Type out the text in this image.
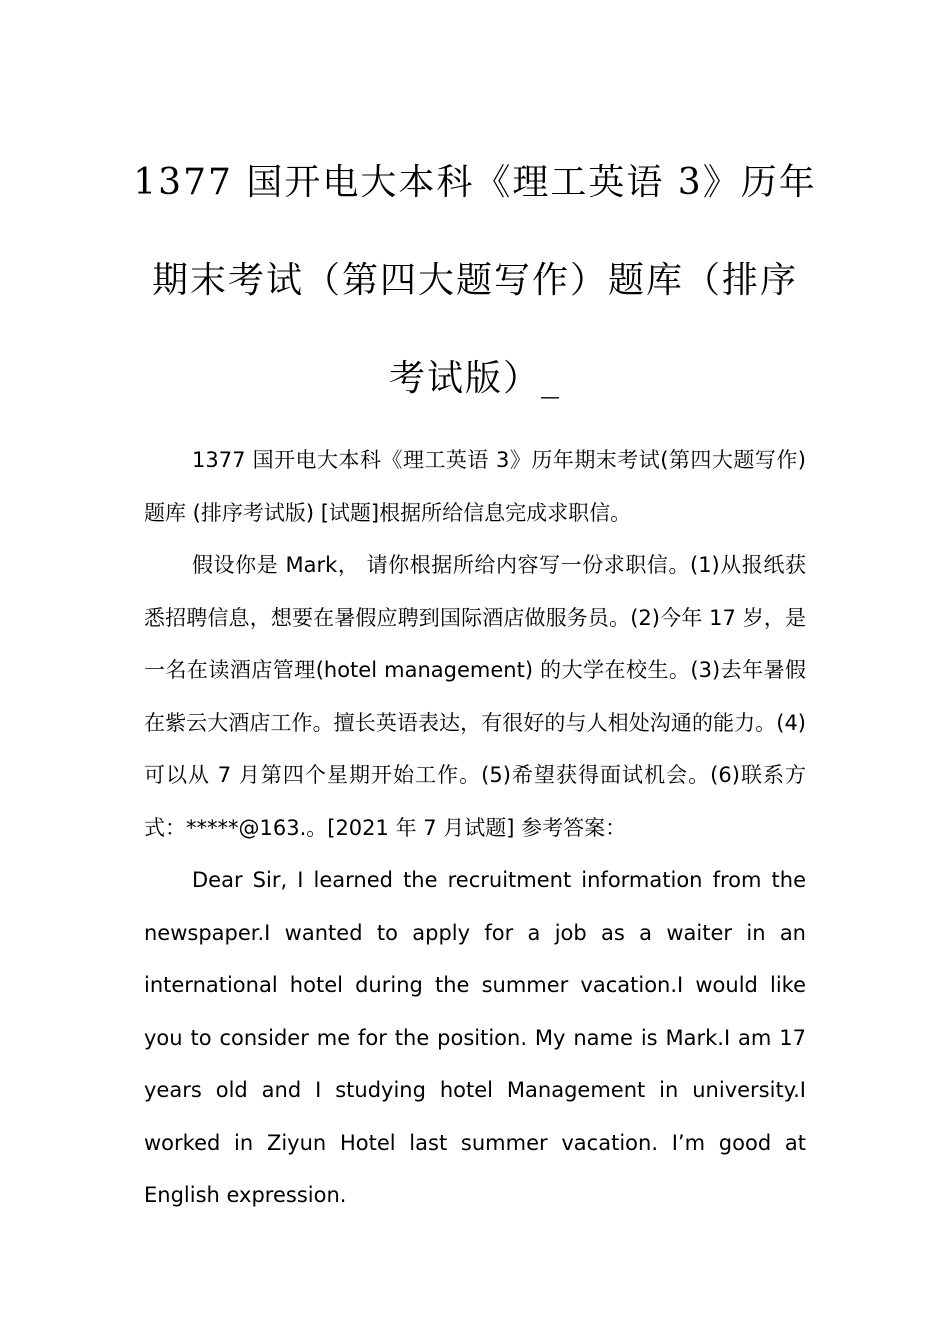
1377 国开电大本科《理工英语 3》历年
期末考试（第四大题写作）题库（排序
考试版）_

1377 国开电大本科《理工英语 3》历年期末考试(第四大题写作)题库 (排序考试版) [试题]根据所给信息完成求职信。

假设你是 Mark， 请你根据所给内容写一份求职信。(1)从报纸获悉招聘信息，想要在暑假应聘到国际酒店做服务员。(2)今年 17 岁，是一名在读酒店管理(hotel management) 的大学在校生。(3)去年暑假在紫云大酒店工作。擅长英语表达，有很好的与人相处沟通的能力。(4)可以从 7 月第四个星期开始工作。(5)希望获得面试机会。(6)联系方式：*****@163.。[2021 年 7 月试题] 参考答案：

Dear Sir, I learned the recruitment information from the newspaper.I wanted to apply for a job as a waiter in an international hotel during the summer vacation.I would like you to consider me for the position. My name is Mark.I am 17 years old and I studying hotel Management in university.I worked in Ziyun Hotel last summer vacation. I’m good at English expression.
